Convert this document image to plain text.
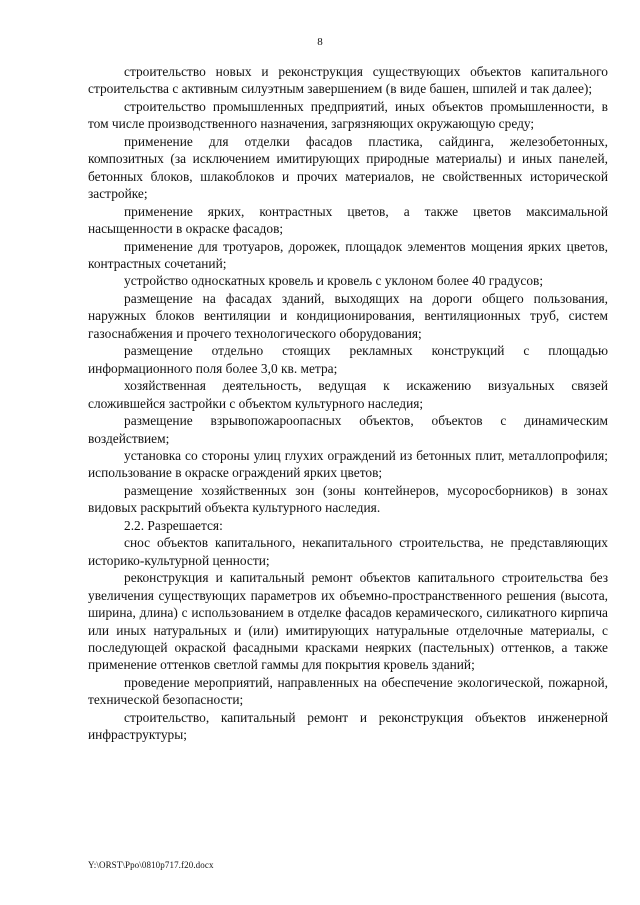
8

строительство новых и реконструкция существующих объектов капитального строительства с активным силуэтным завершением (в виде башен, шпилей и так далее);

строительство промышленных предприятий, иных объектов промышленности, в том числе производственного назначения, загрязняющих окружающую среду;

применение для отделки фасадов пластика, сайдинга, железобетонных, композитных (за исключением имитирующих природные материалы) и иных панелей, бетонных блоков, шлакоблоков и прочих материалов, не свойственных исторической застройке;

применение ярких, контрастных цветов, а также цветов максимальной насыщенности в окраске фасадов;

применение для тротуаров, дорожек, площадок элементов мощения ярких цветов, контрастных сочетаний;

устройство односкатных кровель и кровель с уклоном более 40 градусов;

размещение на фасадах зданий, выходящих на дороги общего пользования, наружных блоков вентиляции и кондиционирования, вентиляционных труб, систем газоснабжения и прочего технологического оборудования;

размещение отдельно стоящих рекламных конструкций с площадью информационного поля более 3,0 кв. метра;

хозяйственная деятельность, ведущая к искажению визуальных связей сложившейся застройки с объектом культурного наследия;

размещение взрывопожароопасных объектов, объектов с динамическим воздействием;

установка со стороны улиц глухих ограждений из бетонных плит, металлопрофиля; использование в окраске ограждений ярких цветов;

размещение хозяйственных зон (зоны контейнеров, мусоросборников) в зонах видовых раскрытий объекта культурного наследия.

2.2. Разрешается:

снос объектов капитального, некапитального строительства, не представляющих историко-культурной ценности;

реконструкция и капитальный ремонт объектов капитального строительства без увеличения существующих параметров их объемно-пространственного решения (высота, ширина, длина) с использованием в отделке фасадов керамического, силикатного кирпича или иных натуральных и (или) имитирующих натуральные отделочные материалы, с последующей окраской фасадными красками неярких (пастельных) оттенков, а также применение оттенков светлой гаммы для покрытия кровель зданий;

проведение мероприятий, направленных на обеспечение экологической, пожарной, технической безопасности;

строительство, капитальный ремонт и реконструкция объектов инженерной инфраструктуры;

Y:\ORST\Ppo\0810p717.f20.docx
